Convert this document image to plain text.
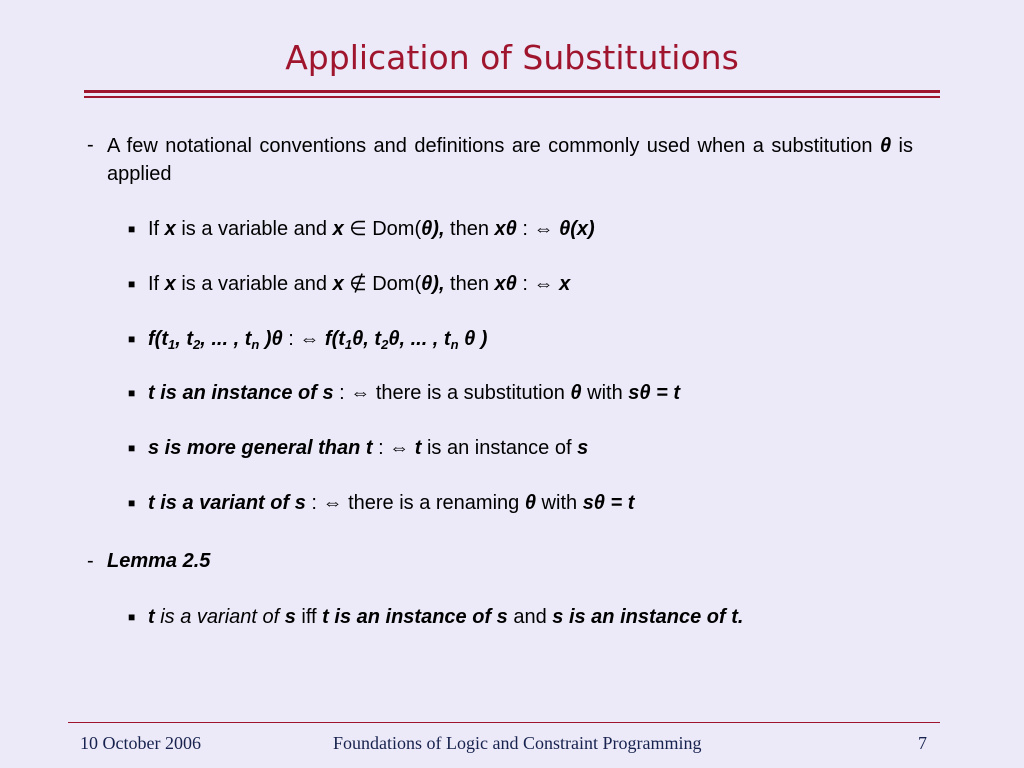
Application of Substitutions
- A few notational conventions and definitions are commonly used when a substitution θ is applied
■ If x is a variable and x ∈ Dom(θ), then xθ : ⇔ θ(x)
■ If x is a variable and x ∉ Dom(θ), then xθ : ⇔ x
■ $f(t_1$, $t_2$, ... , $t_n$ )θ : ⇔ $f(t_1\theta$, $t_2\theta$, ... , $t_n$ θ )
■ t is an instance of s : ⇔ there is a substitution θ with sθ = t
■ s is more general than t : ⇔ t is an instance of s
■ t is a variant of s : ⇔ there is a renaming θ with sθ = t
- Lemma 2.5
■ t is a variant of s iff t is an instance of s and s is an instance of t.
10 October 2006	Foundations of Logic and Constraint Programming	7
